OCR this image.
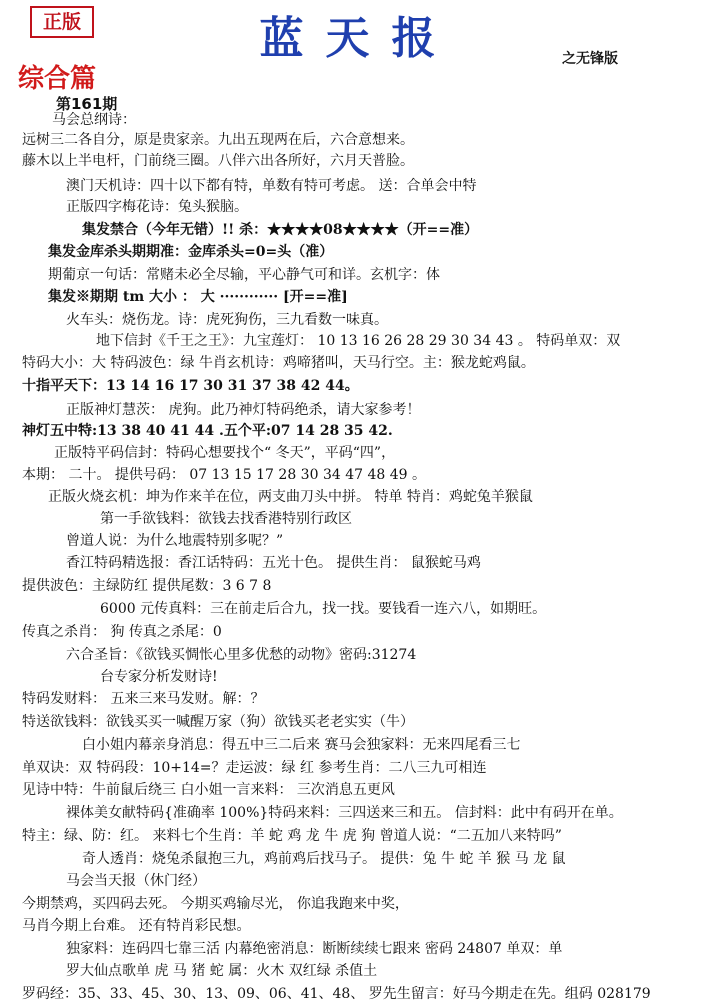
正版	蓝天报	之无锋版
综合篇
第161期
马会总纲诗：
远树三二各自分，原是贵家亲。九出五现两在后，六合意想来。
藤木以上半电杆，门前绕三圈。八伴六出各所好，六月天普脸。
澳门天机诗：四十以下都有特，单数有特可考虑。 送：合单会中特
正版四字梅花诗：兔头猴脑。
集发禁合（今年无错）!! 杀：★★★★08★★★★（开==准）
集发金库杀头期期准：金库杀头=0=头（准）
期葡京一句话：常赌未必全尽输，平心静气可和详。玄机字：体
集发※期期 tm 大小 ： 大 ············ [开==准]
火车头：烧伤龙。诗：虎死狗伤，三九看数一味真。
地下信封《千王之王》：九宝莲灯： 10 13 16 26 28 29 30 34 43 。 特码单双：双
特码大小：大 特码波色：绿 牛肖玄机诗：鸡啼猪叫，天马行空。主：猴龙蛇鸡鼠。
十指平天下：13 14 16 17 30 31 37 38 42 44。
正版神灯慧茨： 虎狗。此乃神灯特码绝杀，请大家参考！
神灯五中特:13 38 40 41 44 .五个平:07 14 28 35 42.
正版特平码信封：特码心想要找个“ 冬天”，平码“四”，
本期： 二十。 提供号码： 07 13 15 17 28 30 34 47 48 49 。
正版火烧玄机：坤为作来羊在位，两支曲刀头中拼。 特单 特肖：鸡蛇兔羊猴鼠
第一手欲钱料：欲钱去找香港特别行政区
曾道人说：为什么地震特别多呢？”
香江特码精选报：香江话特码：五光十色。 提供生肖： 鼠猴蛇马鸡
提供波色：主绿防红 提供尾数：3 6 7 8
6000 元传真料：三在前走后合九，找一找。要钱看一连六八，如期旺。
传真之杀肖： 狗 传真之杀尾：0
六合圣旨：《欲钱买惆怅心里多优愁的动物》密码:31274
台专家分析发财诗!
特码发财料： 五来三来马发财。解：？
特送欲钱料：欲钱买买一喊醒万家（狗）欲钱买老老实实（牛）
白小姐内幕亲身消息：得五中三二后来 赛马会独家料：无来四尾看三七
单双诀：双 特码段：10+14=？走运波：绿 红 参考生肖：二八三九可相连
见诗中特：牛前鼠后绕三 白小姐一言来料： 三次消息五更风
裸体美女献特码{准确率 100%}特码来料：三四送来三和五。 信封料：此中有码开在单。
特主：绿、防：红。 来料七个生肖：羊 蛇 鸡 龙 牛 虎 狗 曾道人说：“二五加八来特吗”
奇人透肖：烧兔杀鼠抱三九，鸡前鸡后找马子。 提供：兔 牛 蛇 羊 猴 马 龙 鼠
马会当天报（休门经）
今期禁鸡，买四码去死。 今期买鸡输尽光， 你追我跑来中奖，
马肖今期上台难。 还有特肖彩民想。
独家料：连码四七靠三活 内幕绝密消息：断断续续七跟来 密码 24807 单双：单
罗大仙点歌单 虎 马 猪 蛇 属：火木 双红绿 杀值土
罗码经：35、33、45、30、13、09、06、41、48、 罗先生留言：好马今期走在先。组码 028179
